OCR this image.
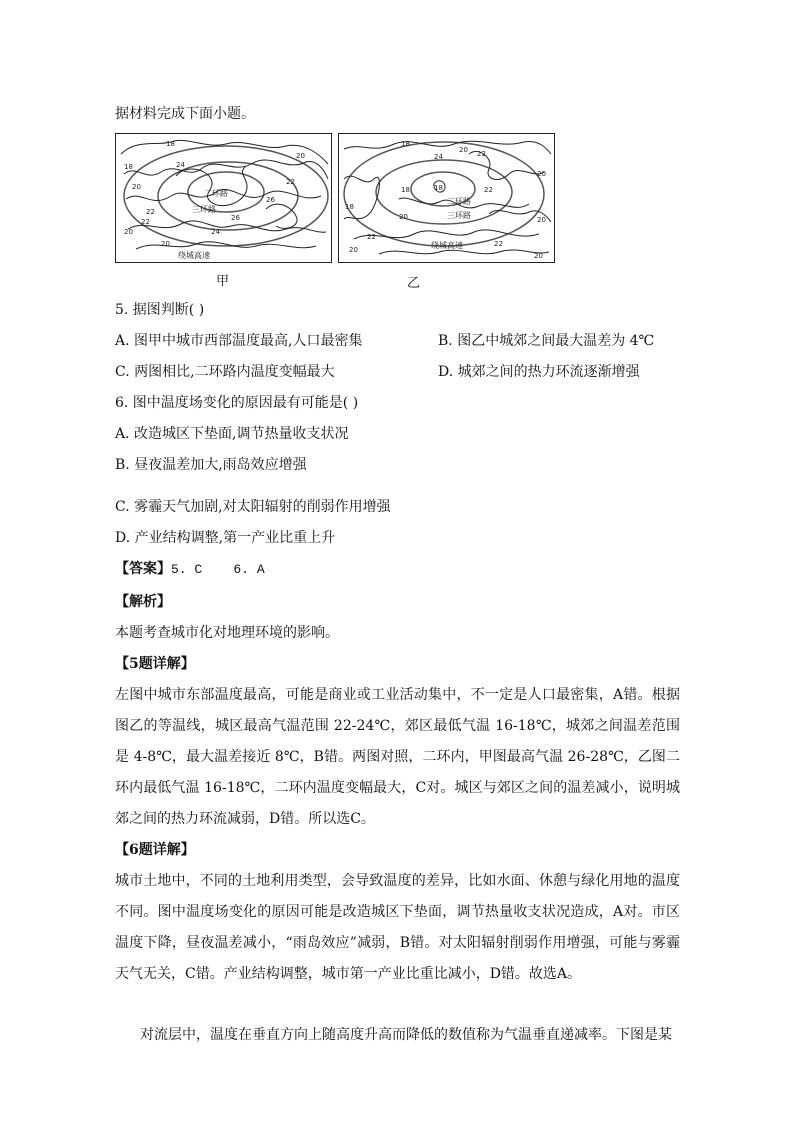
据材料完成下面小题。
18
18
20
20
22
22
24
24
26
26
20
22
20
二环路
三环路
绕城高速
甲
18
18
20 22
24
20
18
20
22
18
20
22
20
22
20
二环路
三环路
绕城高速
乙
5. 据图判断( )
A. 图甲中城市西部温度最高,人口最密集	B. 图乙中城郊之间最大温差为 4℃
C. 两图相比,二环路内温度变幅最大	D. 城郊之间的热力环流逐渐增强
6. 图中温度场变化的原因最有可能是( )
A. 改造城区下垫面,调节热量收支状况
B. 昼夜温差加大,雨岛效应增强
C. 雾霾天气加剧,对太阳辐射的削弱作用增强
D. 产业结构调整,第一产业比重上升
【答案】5. C    6. A
【解析】
本题考查城市化对地理环境的影响。
【5题详解】
左图中城市东部温度最高，可能是商业或工业活动集中，不一定是人口最密集，A错。根据图乙的等温线，城区最高气温范围 22-24℃，郊区最低气温 16-18℃，城郊之间温差范围是 4-8℃，最大温差接近 8℃，B错。两图对照，二环内，甲图最高气温 26-28℃，乙图二环内最低气温 16-18℃，二环内温度变幅最大，C对。城区与郊区之间的温差减小，说明城郊之间的热力环流减弱，D错。所以选C。
【6题详解】
城市土地中，不同的土地利用类型，会导致温度的差异，比如水面、休憩与绿化用地的温度不同。图中温度场变化的原因可能是改造城区下垫面，调节热量收支状况造成，A对。市区温度下降，昼夜温差减小，“雨岛效应”减弱，B错。对太阳辐射削弱作用增强，可能与雾霾天气无关，C错。产业结构调整，城市第一产业比重比减小，D错。故选A。
对流层中，温度在垂直方向上随高度升高而降低的数值称为气温垂直递减率。下图是某
